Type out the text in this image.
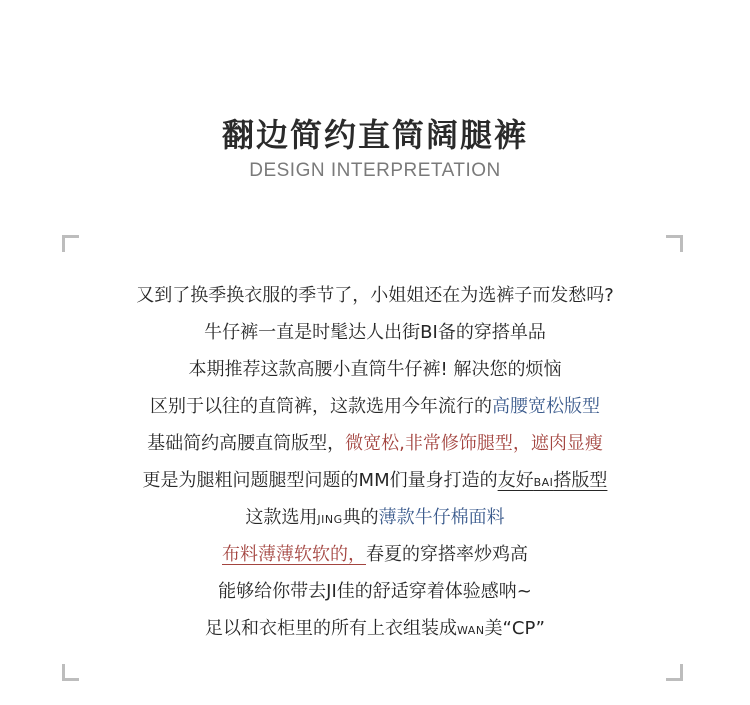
翻边简约直筒阔腿裤
DESIGN INTERPRETATION
又到了换季换衣服的季节了，小姐姐还在为选裤子而发愁吗?
牛仔裤一直是时髦达人出街BI备的穿搭单品
本期推荐这款高腰小直筒牛仔裤! 解决您的烦恼
区别于以往的直筒裤，这款选用今年流行的高腰宽松版型
基础简约高腰直筒版型，微宽松,非常修饰腿型，遮肉显瘦
更是为腿粗问题腿型问题的MM们量身打造的友好BAI搭版型
这款选用JING典的薄款牛仔棉面料
布料薄薄软软的，春夏的穿搭率炒鸡高
能够给你带去JI佳的舒适穿着体验感呐~
足以和衣柜里的所有上衣组装成WAN美“CP”
